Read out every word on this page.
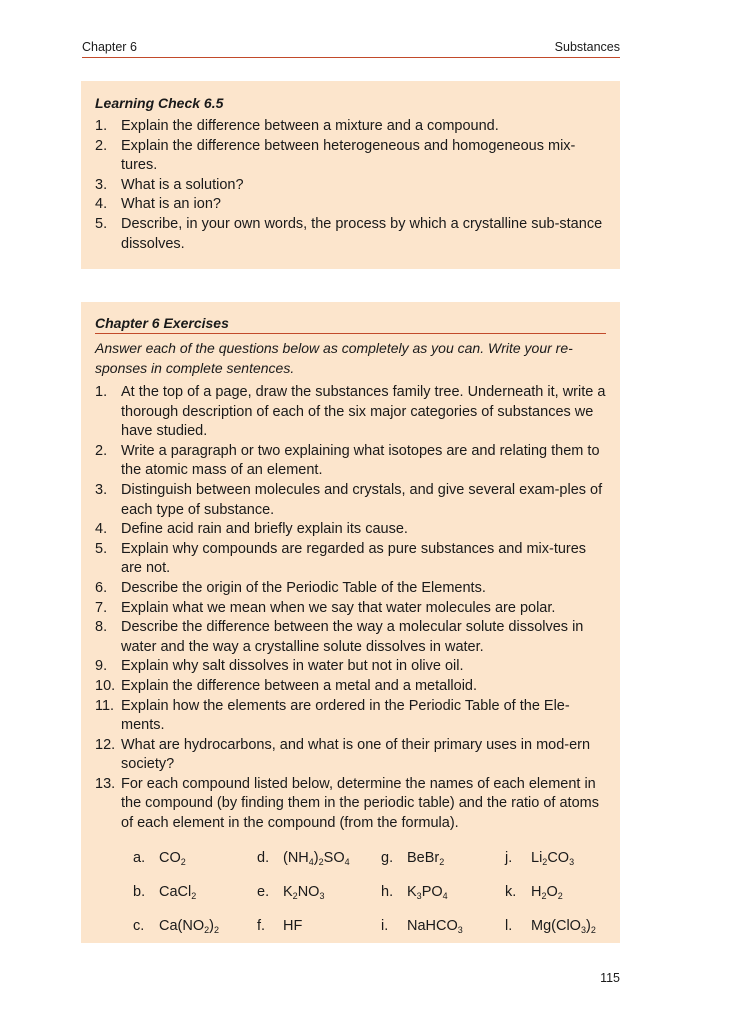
Chapter 6	Substances
Learning Check 6.5
1. Explain the difference between a mixture and a compound.
2. Explain the difference between heterogeneous and homogeneous mix-tures.
3. What is a solution?
4. What is an ion?
5. Describe, in your own words, the process by which a crystalline sub-stance dissolves.
Chapter 6 Exercises

Answer each of the questions below as completely as you can. Write your re-sponses in complete sentences.

1. At the top of a page, draw the substances family tree. Underneath it, write a thorough description of each of the six major categories of substances we have studied.
2. Write a paragraph or two explaining what isotopes are and relating them to the atomic mass of an element.
3. Distinguish between molecules and crystals, and give several exam-ples of each type of substance.
4. Define acid rain and briefly explain its cause.
5. Explain why compounds are regarded as pure substances and mix-tures are not.
6. Describe the origin of the Periodic Table of the Elements.
7. Explain what we mean when we say that water molecules are polar.
8. Describe the difference between the way a molecular solute dissolves in water and the way a crystalline solute dissolves in water.
9. Explain why salt dissolves in water but not in olive oil.
10. Explain the difference between a metal and a metalloid.
11. Explain how the elements are ordered in the Periodic Table of the Ele-ments.
12. What are hydrocarbons, and what is one of their primary uses in mod-ern society?
13. For each compound listed below, determine the names of each element in the compound (by finding them in the periodic table) and the ratio of atoms of each element in the compound (from the formula).
a. $CO_2$	d. $(NH_4)_2SO_4$ g. BeBr$_2$	j.	$Li_2CO_3$
b. CaCl$_2$	e. $K_2NO_3$	h. $K_3PO_4$	k.	$H_2O_2$
c.	$Ca(NO_2)_2$	f.	HF	i.	NaHCO$_3$	l.	$Mg(ClO_3)_2$
115
